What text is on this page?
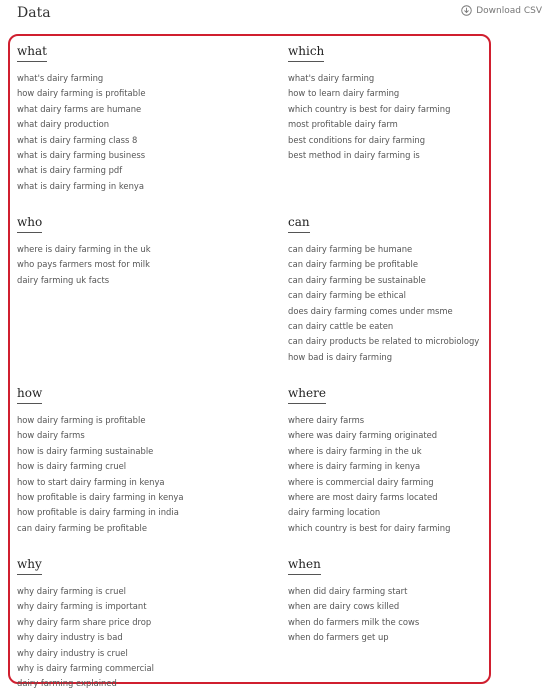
Data	Download CSV
what
what's dairy farming
how dairy farming is profitable
what dairy farms are humane
what dairy production
what is dairy farming class 8
what is dairy farming business
what is dairy farming pdf
what is dairy farming in kenya
which
what's dairy farming
how to learn dairy farming
which country is best for dairy farming
most profitable dairy farm
best conditions for dairy farming
best method in dairy farming is
who
where is dairy farming in the uk
who pays farmers most for milk
dairy farming uk facts
can
can dairy farming be humane
can dairy farming be profitable
can dairy farming be sustainable
can dairy farming be ethical
does dairy farming comes under msme
can dairy cattle be eaten
can dairy products be related to microbiology
how bad is dairy farming
how
how dairy farming is profitable
how dairy farms
how is dairy farming sustainable
how is dairy farming cruel
how to start dairy farming in kenya
how profitable is dairy farming in kenya
how profitable is dairy farming in india
can dairy farming be profitable
where
where dairy farms
where was dairy farming originated
where is dairy farming in the uk
where is dairy farming in kenya
where is commercial dairy farming
where are most dairy farms located
dairy farming location
which country is best for dairy farming
why
why dairy farming is cruel
why dairy farming is important
why dairy farm share price drop
why dairy industry is bad
why dairy industry is cruel
why is dairy farming commercial
dairy farming explained
when
when did dairy farming start
when are dairy cows killed
when do farmers milk the cows
when do farmers get up
